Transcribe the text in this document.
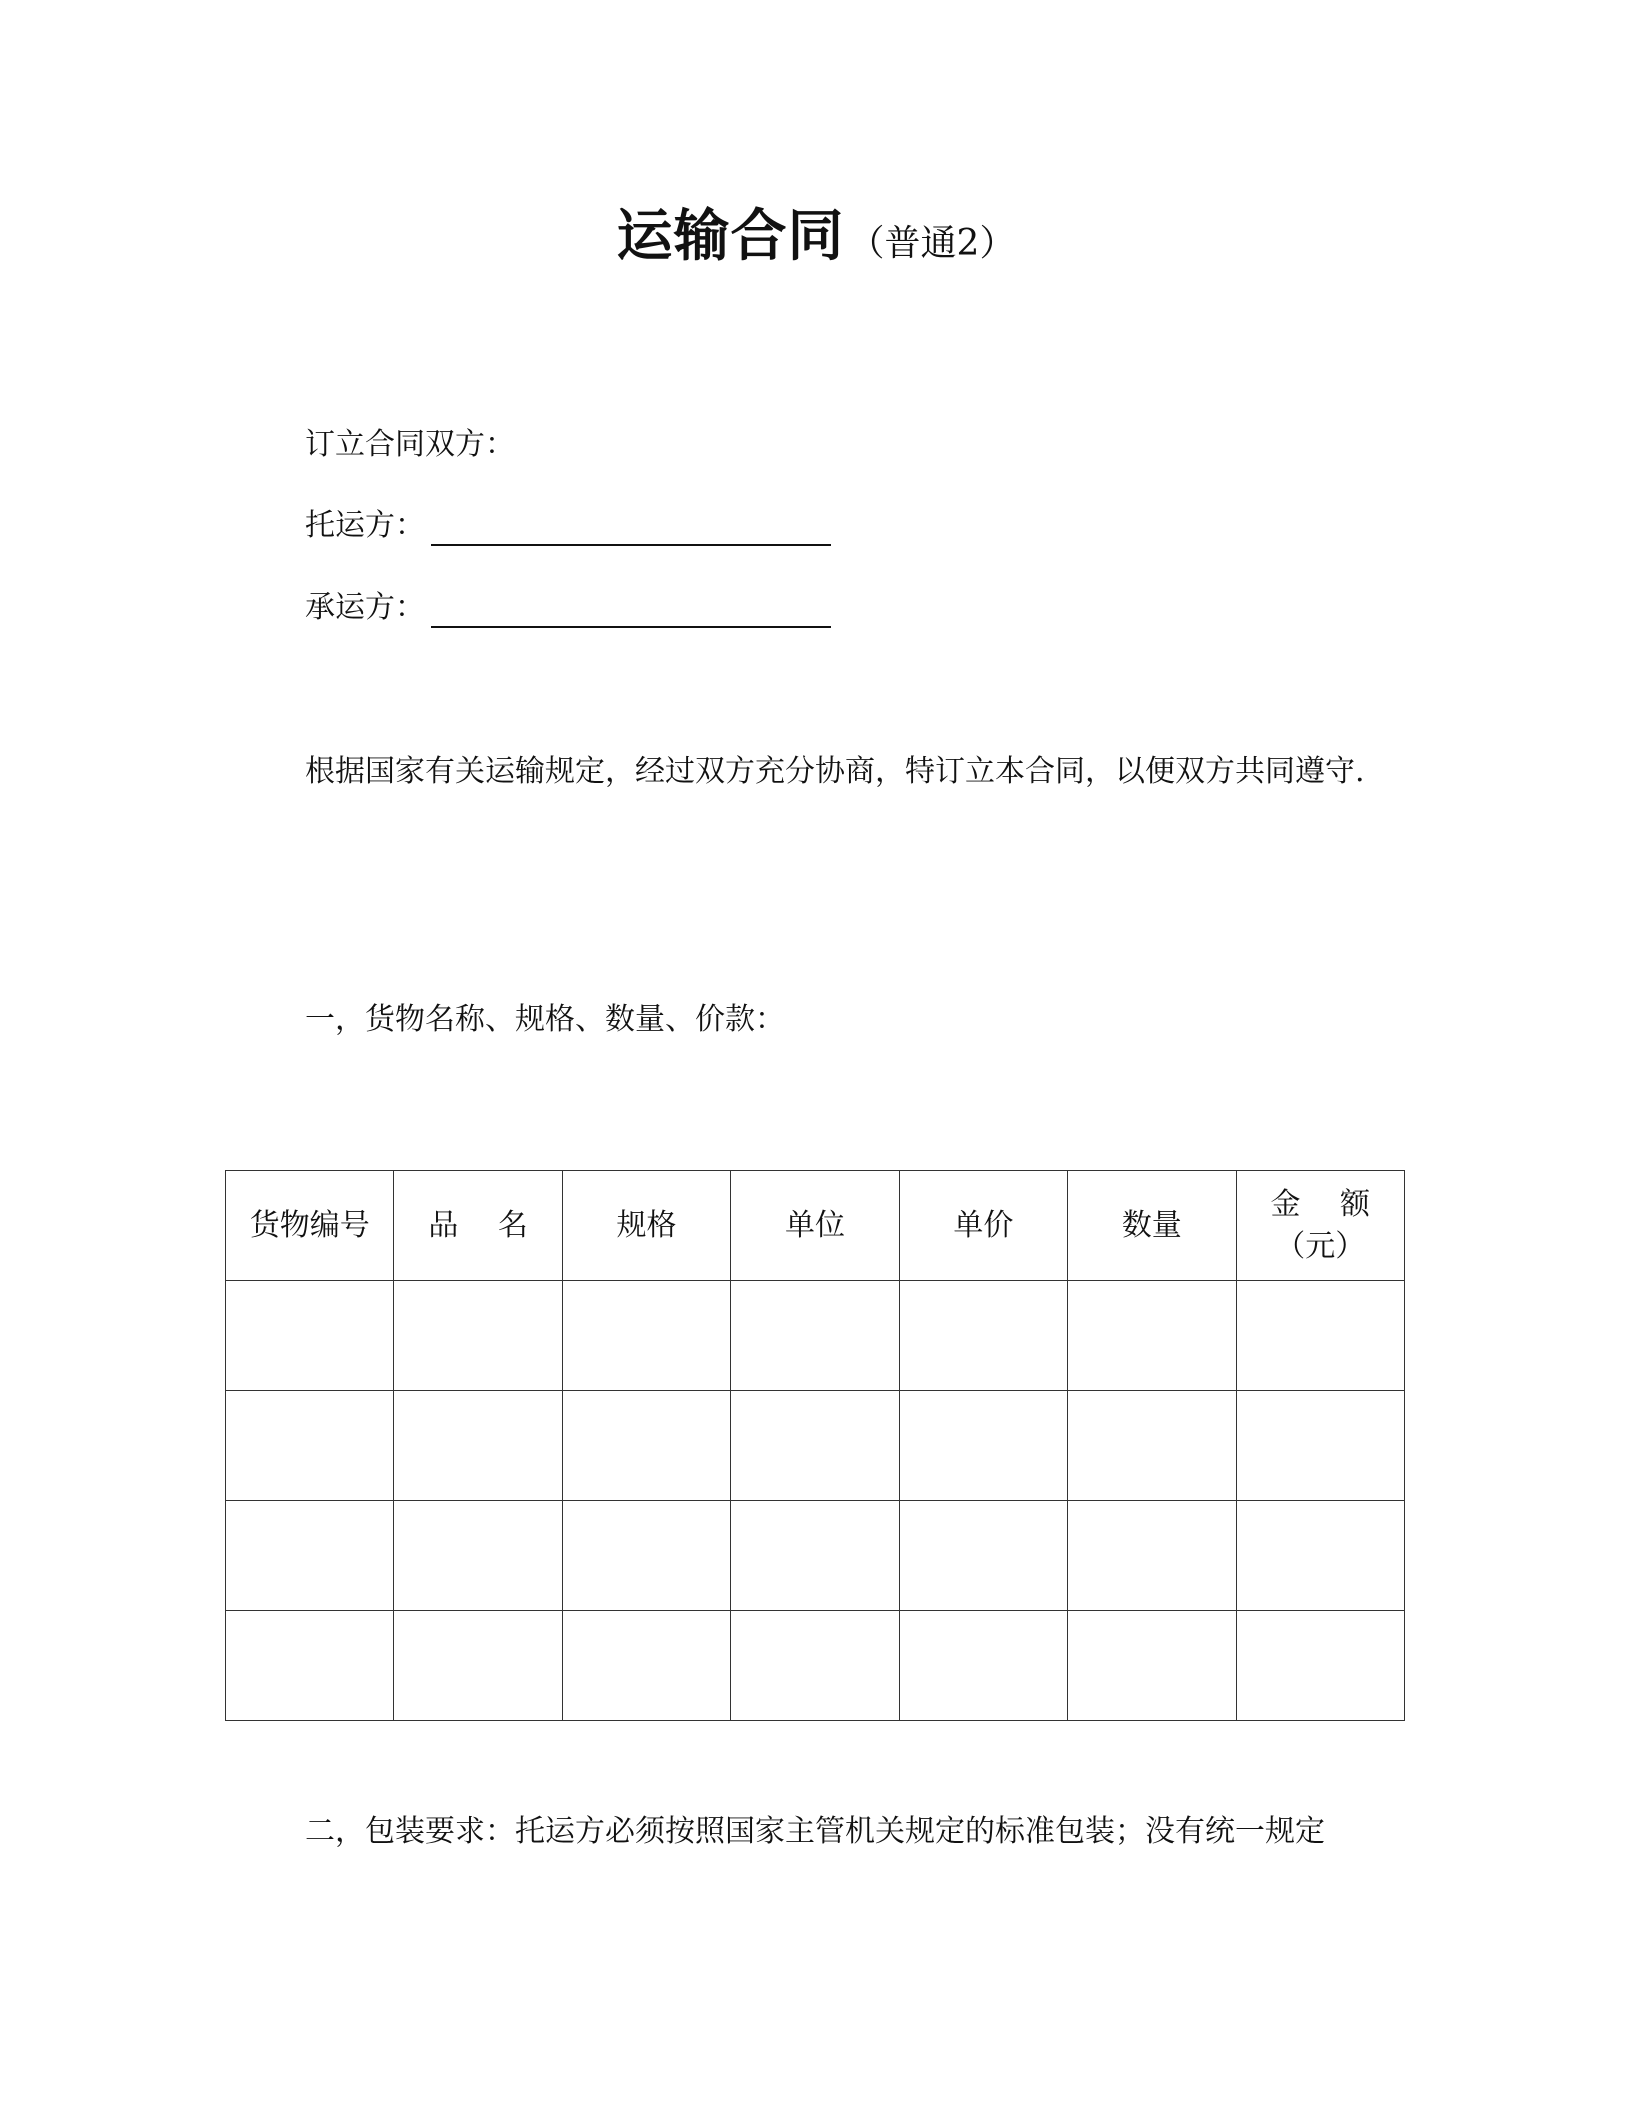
运输合同 （普通2）
订立合同双方：
托运方：
承运方：
根据国家有关运输规定，经过双方充分协商，特订立本合同，以便双方共同遵守.
一，货物名称、规格、数量、价款：
货物编号	品　 名	规格	单位	单价	数量	金　 额
（元）

二，包装要求：托运方必须按照国家主管机关规定的标准包装；没有统一规定
